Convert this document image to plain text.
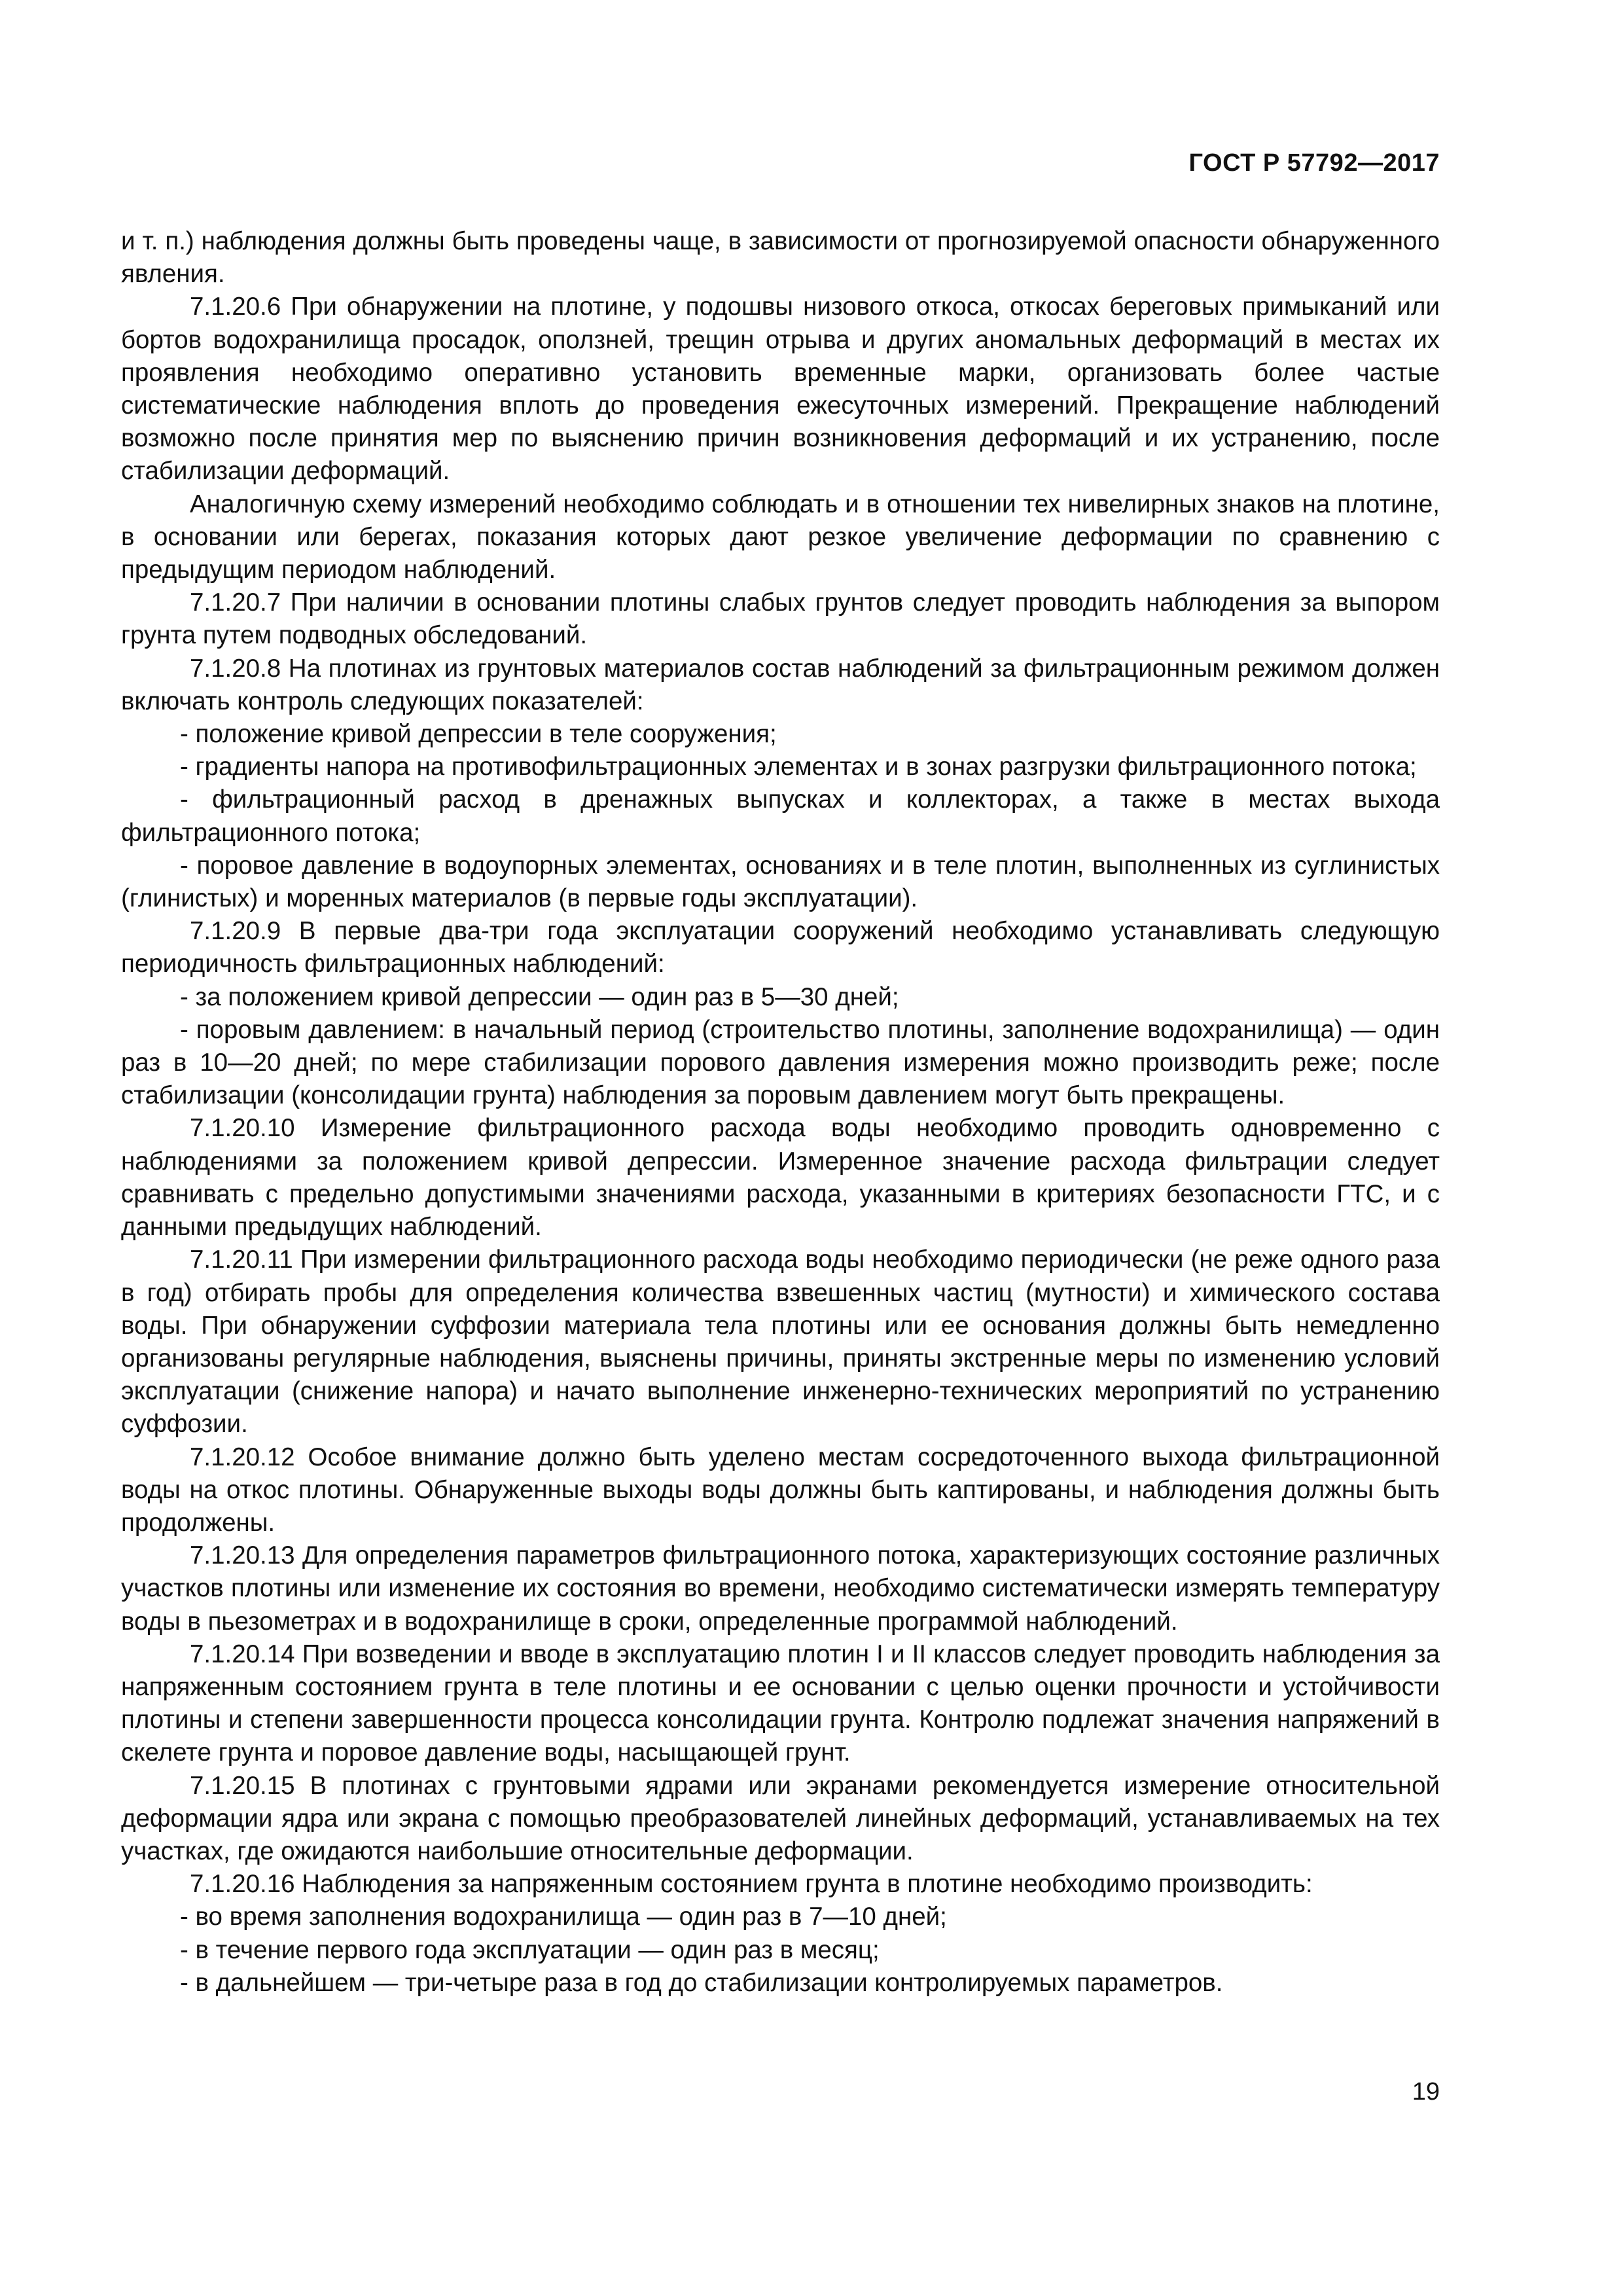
ГОСТ Р 57792—2017

и т. п.) наблюдения должны быть проведены чаще, в зависимости от прогнозируемой опасности обнаруженного явления.

7.1.20.6 При обнаружении на плотине, у подошвы низового откоса, откосах береговых примыканий или бортов водохранилища просадок, оползней, трещин отрыва и других аномальных деформаций в местах их проявления необходимо оперативно установить временные марки, организовать более частые систематические наблюдения вплоть до проведения ежесуточных измерений. Прекращение наблюдений возможно после принятия мер по выяснению причин возникновения деформаций и их устранению, после стабилизации деформаций.

Аналогичную схему измерений необходимо соблюдать и в отношении тех нивелирных знаков на плотине, в основании или берегах, показания которых дают резкое увеличение деформации по сравнению с предыдущим периодом наблюдений.

7.1.20.7 При наличии в основании плотины слабых грунтов следует проводить наблюдения за выпором грунта путем подводных обследований.

7.1.20.8 На плотинах из грунтовых материалов состав наблюдений за фильтрационным режимом должен включать контроль следующих показателей:

- положение кривой депрессии в теле сооружения;

- градиенты напора на противофильтрационных элементах и в зонах разгрузки фильтрационного потока;

- фильтрационный расход в дренажных выпусках и коллекторах, а также в местах выхода фильтрационного потока;

- поровое давление в водоупорных элементах, основаниях и в теле плотин, выполненных из суглинистых (глинистых) и моренных материалов (в первые годы эксплуатации).

7.1.20.9 В первые два-три года эксплуатации сооружений необходимо устанавливать следующую периодичность фильтрационных наблюдений:

- за положением кривой депрессии — один раз в 5—30 дней;

- поровым давлением: в начальный период (строительство плотины, заполнение водохранилища) — один раз в 10—20 дней; по мере стабилизации порового давления измерения можно производить реже; после стабилизации (консолидации грунта) наблюдения за поровым давлением могут быть прекращены.

7.1.20.10 Измерение фильтрационного расхода воды необходимо проводить одновременно с наблюдениями за положением кривой депрессии. Измеренное значение расхода фильтрации следует сравнивать с предельно допустимыми значениями расхода, указанными в критериях безопасности ГТС, и с данными предыдущих наблюдений.

7.1.20.11 При измерении фильтрационного расхода воды необходимо периодически (не реже одного раза в год) отбирать пробы для определения количества взвешенных частиц (мутности) и химического состава воды. При обнаружении суффозии материала тела плотины или ее основания должны быть немедленно организованы регулярные наблюдения, выяснены причины, приняты экстренные меры по изменению условий эксплуатации (снижение напора) и начато выполнение инженерно-технических мероприятий по устранению суффозии.

7.1.20.12 Особое внимание должно быть уделено местам сосредоточенного выхода фильтрационной воды на откос плотины. Обнаруженные выходы воды должны быть каптированы, и наблюдения должны быть продолжены.

7.1.20.13 Для определения параметров фильтрационного потока, характеризующих состояние различных участков плотины или изменение их состояния во времени, необходимо систематически измерять температуру воды в пьезометрах и в водохранилище в сроки, определенные программой наблюдений.

7.1.20.14 При возведении и вводе в эксплуатацию плотин I и II классов следует проводить наблюдения за напряженным состоянием грунта в теле плотины и ее основании с целью оценки прочности и устойчивости плотины и степени завершенности процесса консолидации грунта. Контролю подлежат значения напряжений в скелете грунта и поровое давление воды, насыщающей грунт.

7.1.20.15 В плотинах с грунтовыми ядрами или экранами рекомендуется измерение относительной деформации ядра или экрана с помощью преобразователей линейных деформаций, устанавливаемых на тех участках, где ожидаются наибольшие относительные деформации.

7.1.20.16 Наблюдения за напряженным состоянием грунта в плотине необходимо производить:

- во время заполнения водохранилища — один раз в 7—10 дней;

- в течение первого года эксплуатации — один раз в месяц;

- в дальнейшем — три-четыре раза в год до стабилизации контролируемых параметров.

19
